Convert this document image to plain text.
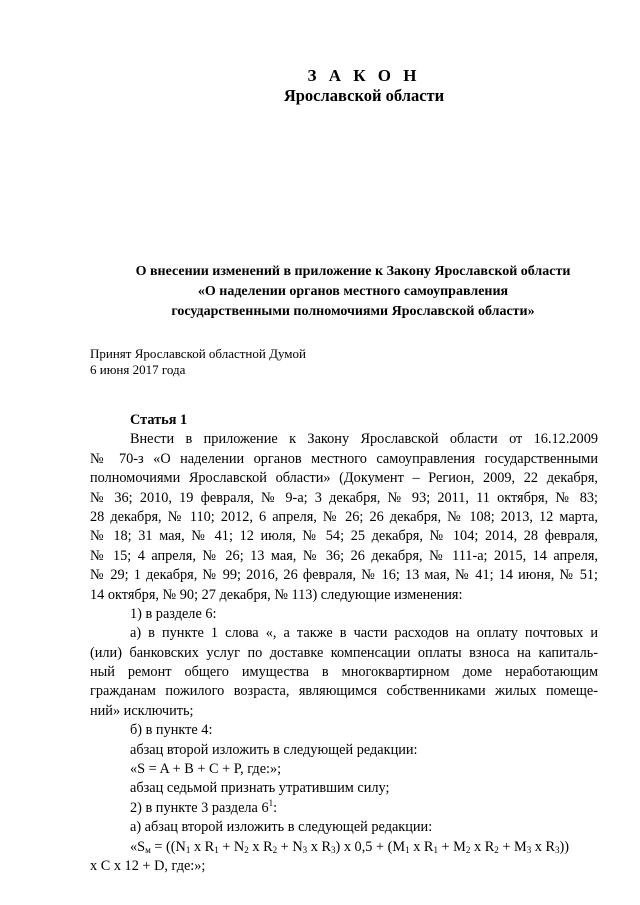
З А К О Н
Ярославской области
О внесении изменений в приложение к Закону Ярославской области
«О наделении органов местного самоуправления
государственными полномочиями Ярославской области»
Принят Ярославской областной Думой
6 июня 2017 года
Статья 1
Внести в приложение к Закону Ярославской области от 16.12.2009
№ 70-з «О наделении органов местного самоуправления государственными
полномочиями Ярославской области» (Документ – Регион, 2009, 22 декабря,
№ 36; 2010, 19 февраля, № 9-а; 3 декабря, № 93; 2011, 11 октября, № 83;
28 декабря, № 110; 2012, 6 апреля, № 26; 26 декабря, № 108; 2013, 12 марта,
№ 18; 31 мая, № 41; 12 июля, № 54; 25 декабря, № 104; 2014, 28 февраля,
№ 15; 4 апреля, № 26; 13 мая, № 36; 26 декабря, № 111-а; 2015, 14 апреля,
№ 29; 1 декабря, № 99; 2016, 26 февраля, № 16; 13 мая, № 41; 14 июня, № 51;
14 октября, № 90; 27 декабря, № 113) следующие изменения:
1) в разделе 6:
а) в пункте 1 слова «, а также в части расходов на оплату почтовых и
(или) банковских услуг по доставке компенсации оплаты взноса на капиталь-
ный ремонт общего имущества в многоквартирном доме неработающим
гражданам пожилого возраста, являющимся собственниками жилых помеще-
ний» исключить;
б) в пункте 4:
абзац второй изложить в следующей редакции:
«S = A + B + C + P, где:»;
абзац седьмой признать утратившим силу;
2) в пункте 3 раздела $6^1$:
а) абзац второй изложить в следующей редакции:
«$S_м = ((N_1$ x $R_1 + N_2$ x $R_2 + N_3$ x $R_3$) x $0,5 + (M_1$ x $R_1 + M_2$ x $R_2 + M_3$ x $R_3$))
x C x 12 + D, где:»;
